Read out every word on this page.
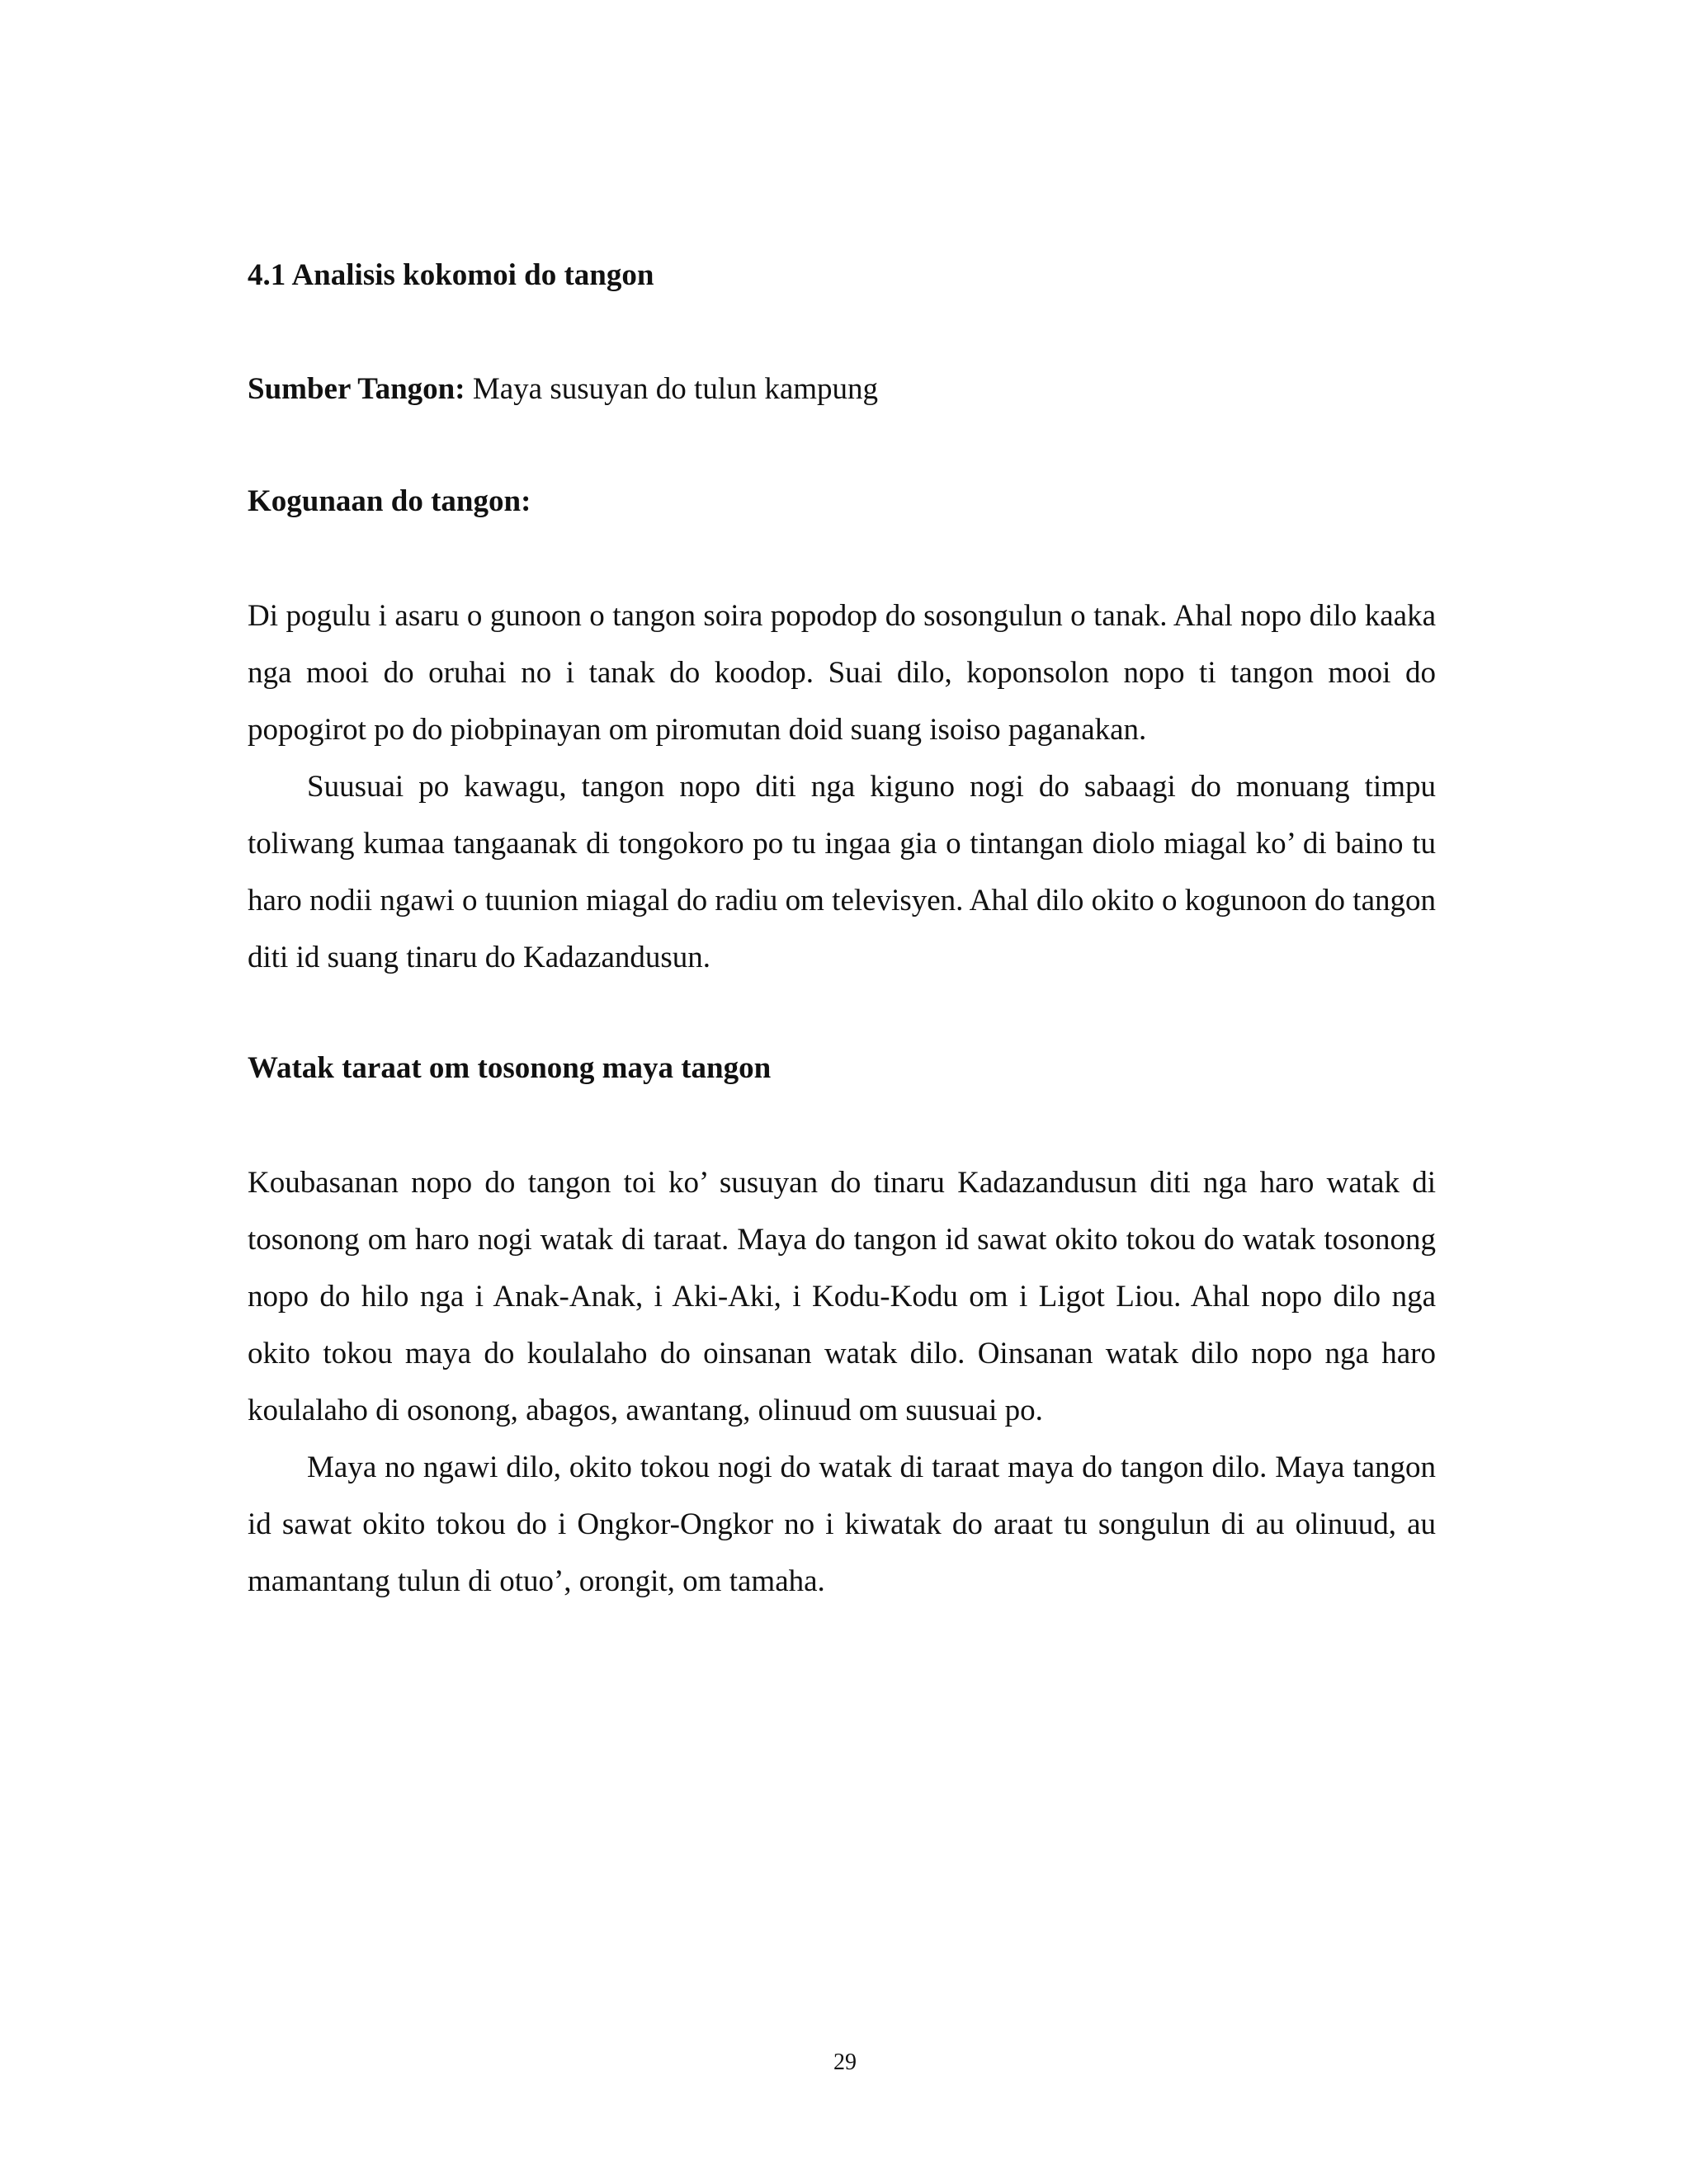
4.1 Analisis kokomoi do tangon

Sumber Tangon: Maya susuyan do tulun kampung

Kogunaan do tangon:

Di pogulu i asaru o gunoon o tangon soira popodop do sosongulun o tanak. Ahal nopo dilo kaaka nga mooi do oruhai no i tanak do koodop. Suai dilo, koponsolon nopo ti tangon mooi do popogirot po do piobpinayan om piromutan doid suang isoiso paganakan.

Suusuai po kawagu, tangon nopo diti nga kiguno nogi do sabaagi do monuang timpu toliwang kumaa tangaanak di tongokoro po tu ingaa gia o tintangan diolo miagal ko’ di baino tu haro nodii ngawi o tuunion miagal do radiu om televisyen. Ahal dilo okito o kogunoon do tangon diti id suang tinaru do Kadazandusun.

Watak taraat om tosonong maya tangon

Koubasanan nopo do tangon toi ko’ susuyan do tinaru Kadazandusun diti nga haro watak di tosonong om haro nogi watak di taraat. Maya do tangon id sawat okito tokou do watak tosonong nopo do hilo nga i Anak-Anak, i Aki-Aki, i Kodu-Kodu om i Ligot Liou. Ahal nopo dilo nga okito tokou maya do koulalaho do oinsanan watak dilo. Oinsanan watak dilo nopo nga haro koulalaho di osonong, abagos, awantang, olinuud om suusuai po.

Maya no ngawi dilo, okito tokou nogi do watak di taraat maya do tangon dilo. Maya tangon id sawat okito tokou do i Ongkor-Ongkor no i kiwatak do araat tu songulun di au olinuud, au mamantang tulun di otuo’, orongit, om tamaha.

29
